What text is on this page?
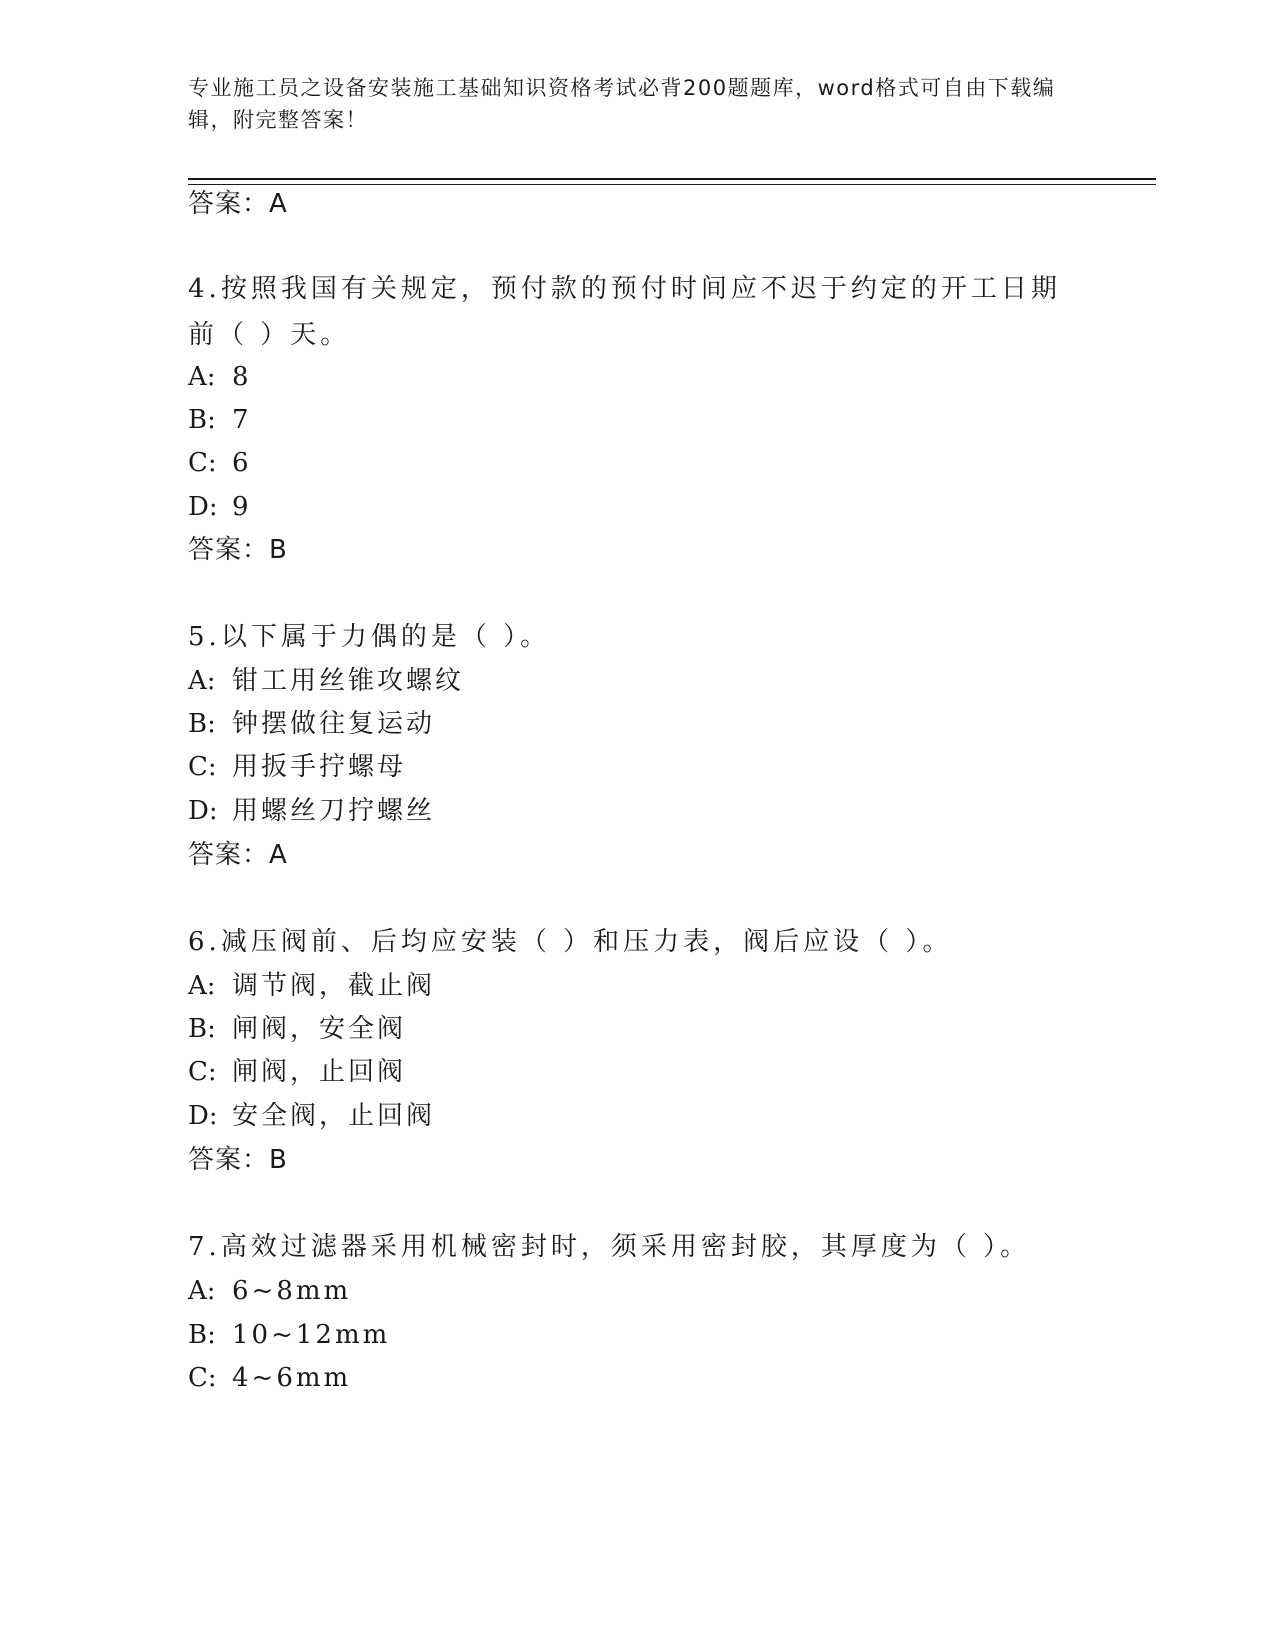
专业施工员之设备安装施工基础知识资格考试必背200题题库，word格式可自由下载编辑，附完整答案！
答案：A
4.按照我国有关规定，预付款的预付时间应不迟于约定的开工日期前（ ）天。
A: 8
B: 7
C: 6
D: 9
答案：B
5.以下属于力偶的是（ ）。
A: 钳工用丝锥攻螺纹
B: 钟摆做往复运动
C: 用扳手拧螺母
D: 用螺丝刀拧螺丝
答案：A
6.减压阀前、后均应安装（ ）和压力表，阀后应设（ ）。
A: 调节阀，截止阀
B: 闸阀，安全阀
C: 闸阀，止回阀
D: 安全阀，止回阀
答案：B
7.高效过滤器采用机械密封时，须采用密封胶，其厚度为（ ）。
A: 6~8mm
B: 10~12mm
C: 4~6mm
